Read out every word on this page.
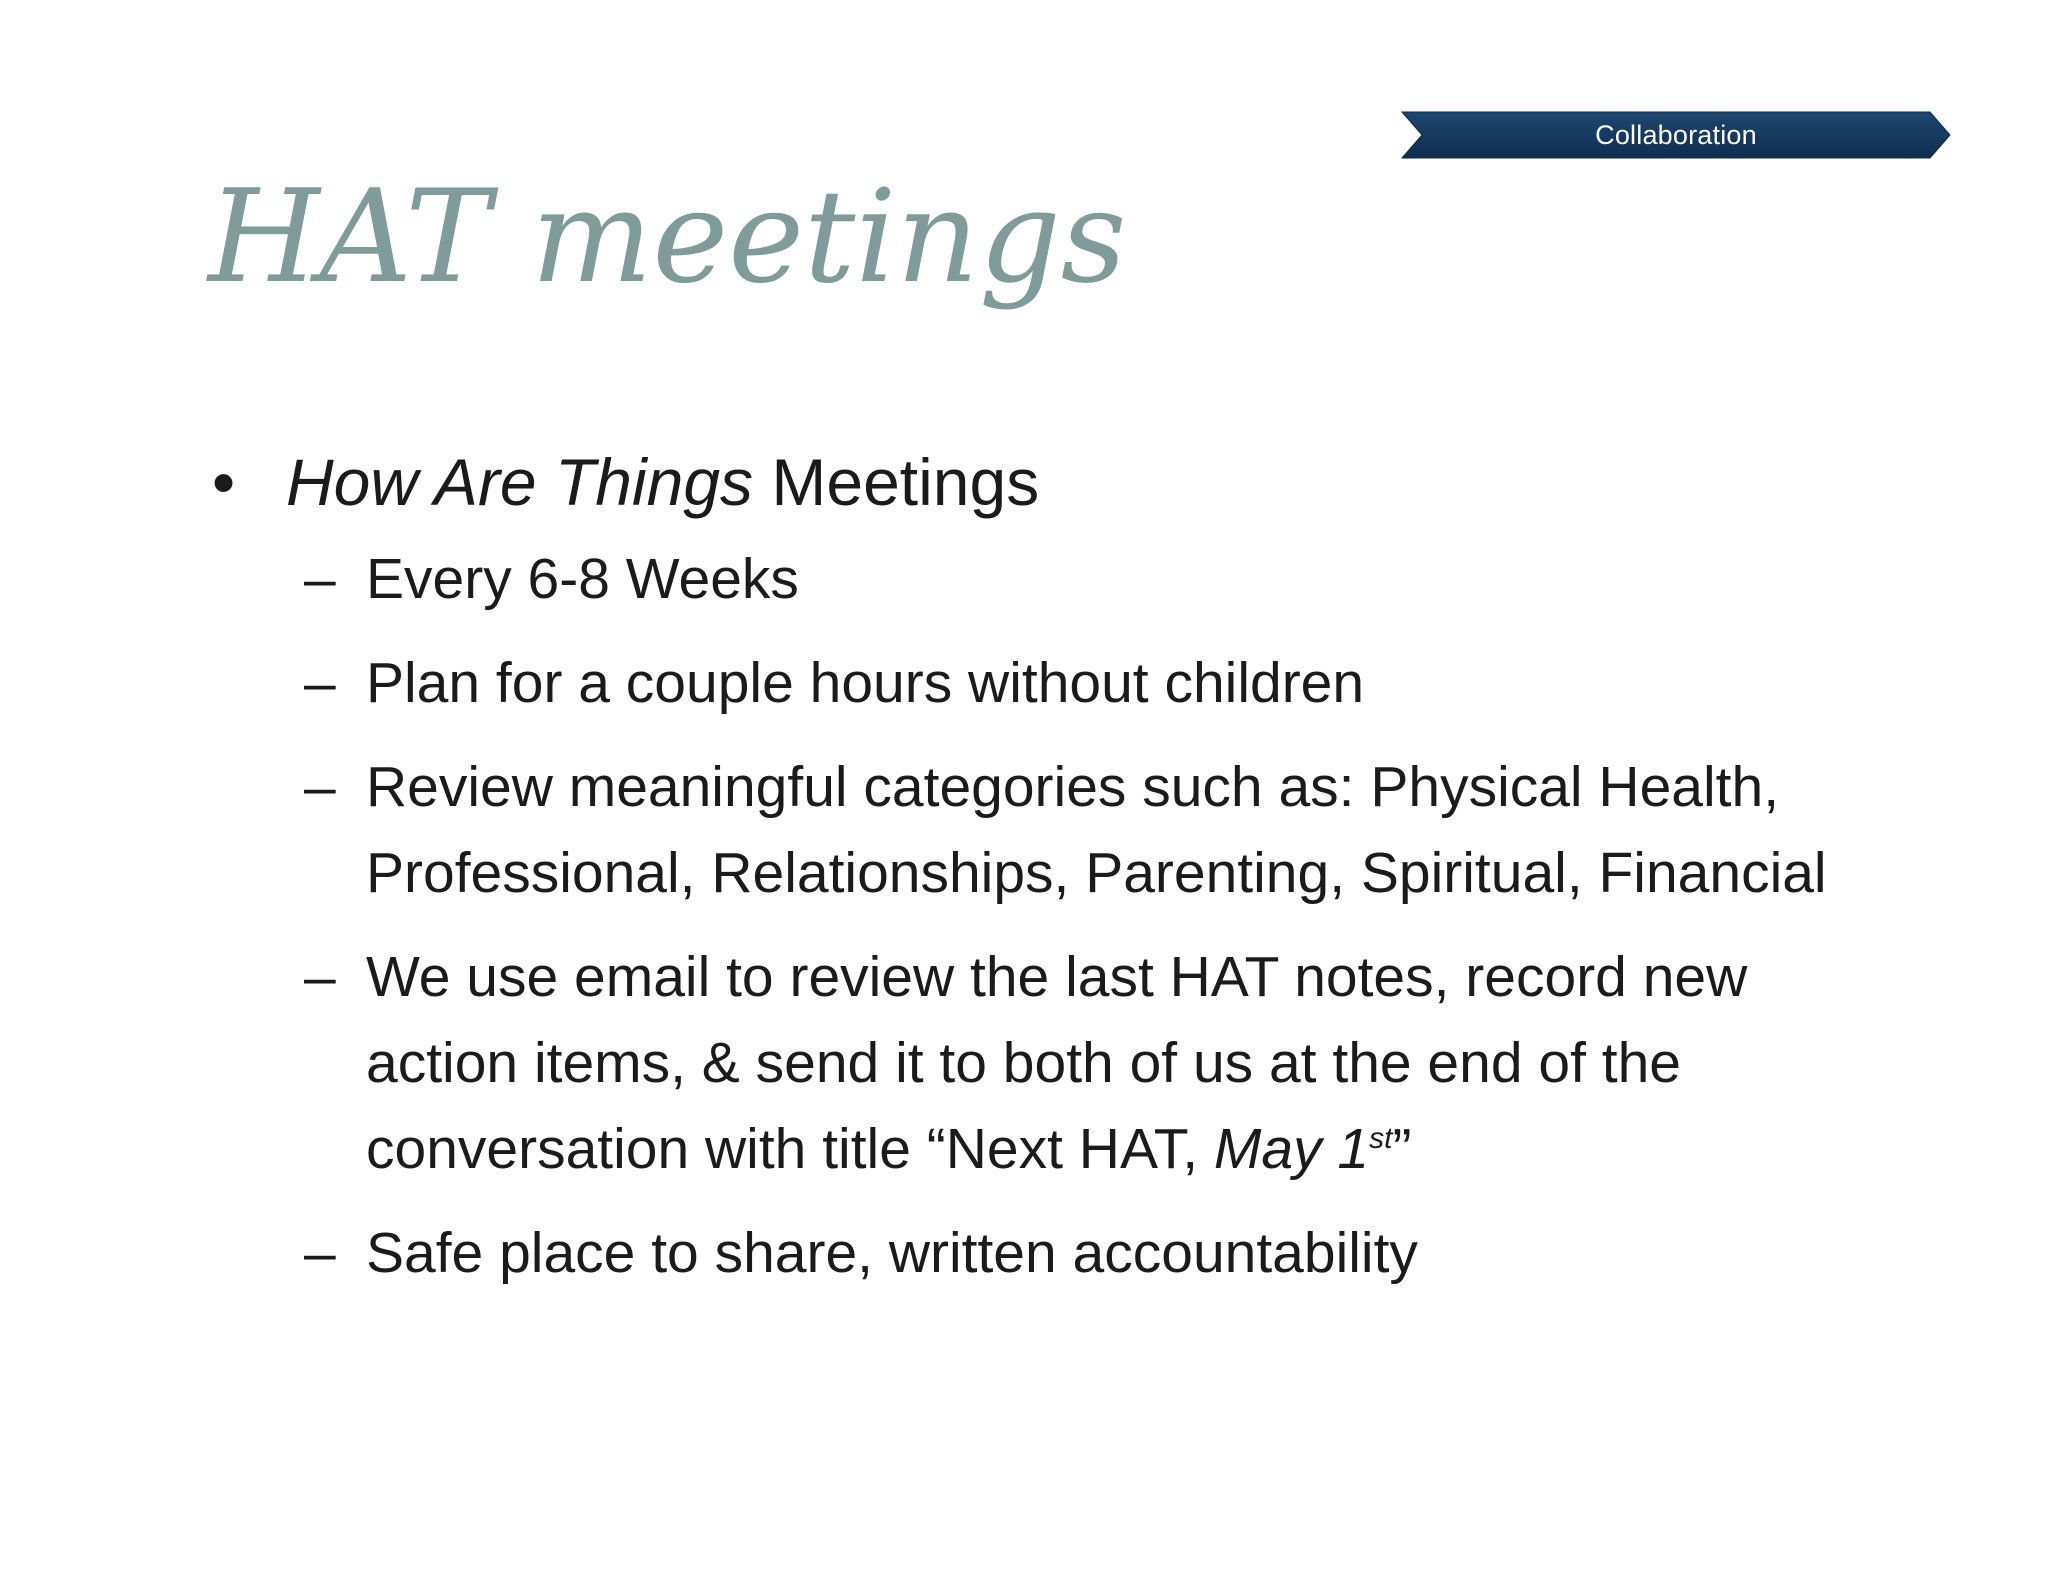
Collaboration
HAT meetings
• How Are Things Meetings
– Every 6-8 Weeks
– Plan for a couple hours without children
– Review meaningful categories such as: Physical Health, Professional, Relationships, Parenting, Spiritual, Financial
– We use email to review the last HAT notes, record new action items, & send it to both of us at the end of the conversation with title “Next HAT, May 1st”
– Safe place to share, written accountability
